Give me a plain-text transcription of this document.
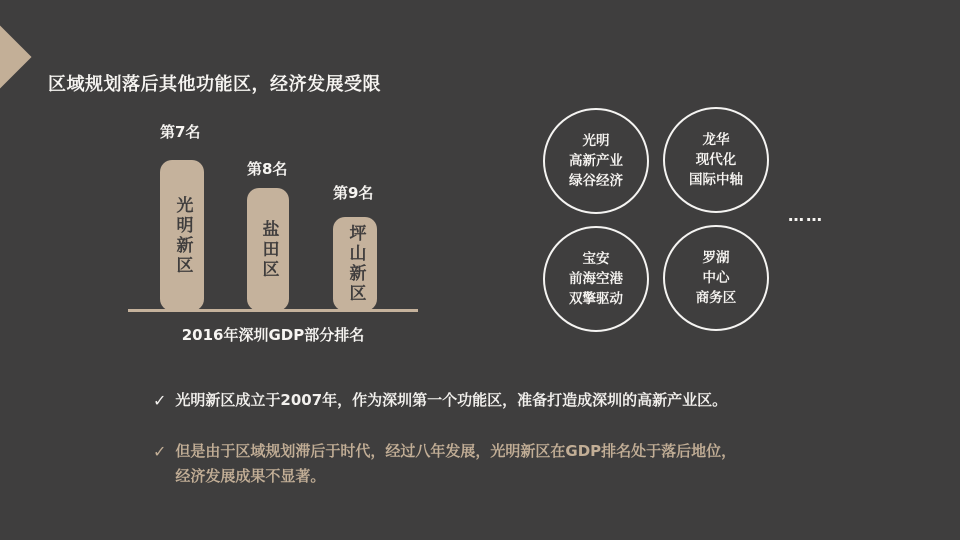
区域规划落后其他功能区，经济发展受限
第7名
第8名
第9名
光明新区	盐田区	坪山新区
2016年深圳GDP部分排名
光明
高新产业
绿谷经济
龙华
现代化
国际中轴
宝安
前海空港
双擎驱动
罗湖
中心
商务区
……
✓ 光明新区成立于2007年，作为深圳第一个功能区，准备打造成深圳的高新产业区。
✓ 但是由于区域规划滞后于时代，经过八年发展，光明新区在GDP排名处于落后地位，
经济发展成果不显著。
